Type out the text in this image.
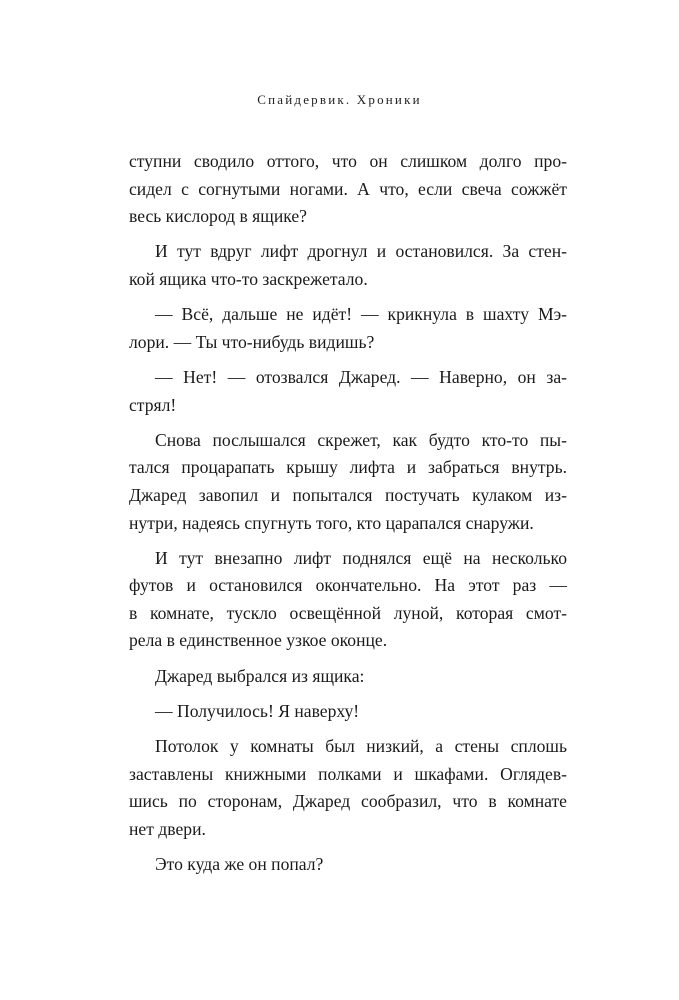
Спайдервик. Хроники
ступни сводило оттого, что он слишком долго про-
сидел с согнутыми ногами. А что, если свеча сожжёт
весь кислород в ящике?
И тут вдруг лифт дрогнул и остановился. За стен-
кой ящика что-то заскрежетало.
— Всё, дальше не идёт! — крикнула в шахту Мэ-
лори. — Ты что-нибудь видишь?
— Нет! — отозвался Джаред. — Наверно, он за-
стрял!
Снова послышался скрежет, как будто кто-то пы-
тался процарапать крышу лифта и забраться внутрь.
Джаред завопил и попытался постучать кулаком из-
нутри, надеясь спугнуть того, кто царапался снаружи.
И тут внезапно лифт поднялся ещё на несколько
футов и остановился окончательно. На этот раз —
в комнате, тускло освещённой луной, которая смот-
рела в единственное узкое оконце.
Джаред выбрался из ящика:
— Получилось! Я наверху!
Потолок у комнаты был низкий, а стены сплошь
заставлены книжными полками и шкафами. Оглядев-
шись по сторонам, Джаред сообразил, что в комнате
нет двери.
Это куда же он попал?
